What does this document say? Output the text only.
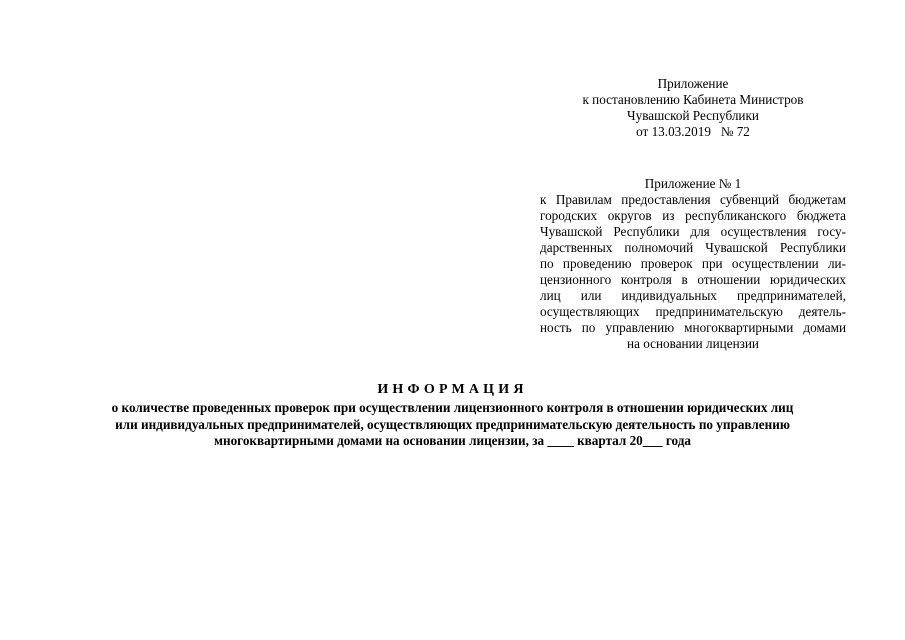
Приложение
к постановлению Кабинета Министров
Чувашской Республики
от 13.03.2019   № 72
Приложение № 1
к Правилам предоставления субвенций бюджетам
городских округов из республиканского бюджета
Чувашской Республики для осуществления госу-
дарственных полномочий Чувашской Республики
по проведению проверок при осуществлении ли-
цензионного контроля в отношении юридических
лиц или индивидуальных предпринимателей,
осуществляющих предпринимательскую деятель-
ность по управлению многоквартирными домами
на основании лицензии
ИНФОРМАЦИЯ
о количестве проведенных проверок при осуществлении лицензионного контроля в отношении юридических лиц
или индивидуальных предпринимателей, осуществляющих предпринимательскую деятельность по управлению
многоквартирными домами на основании лицензии, за ____ квартал 20___ года
